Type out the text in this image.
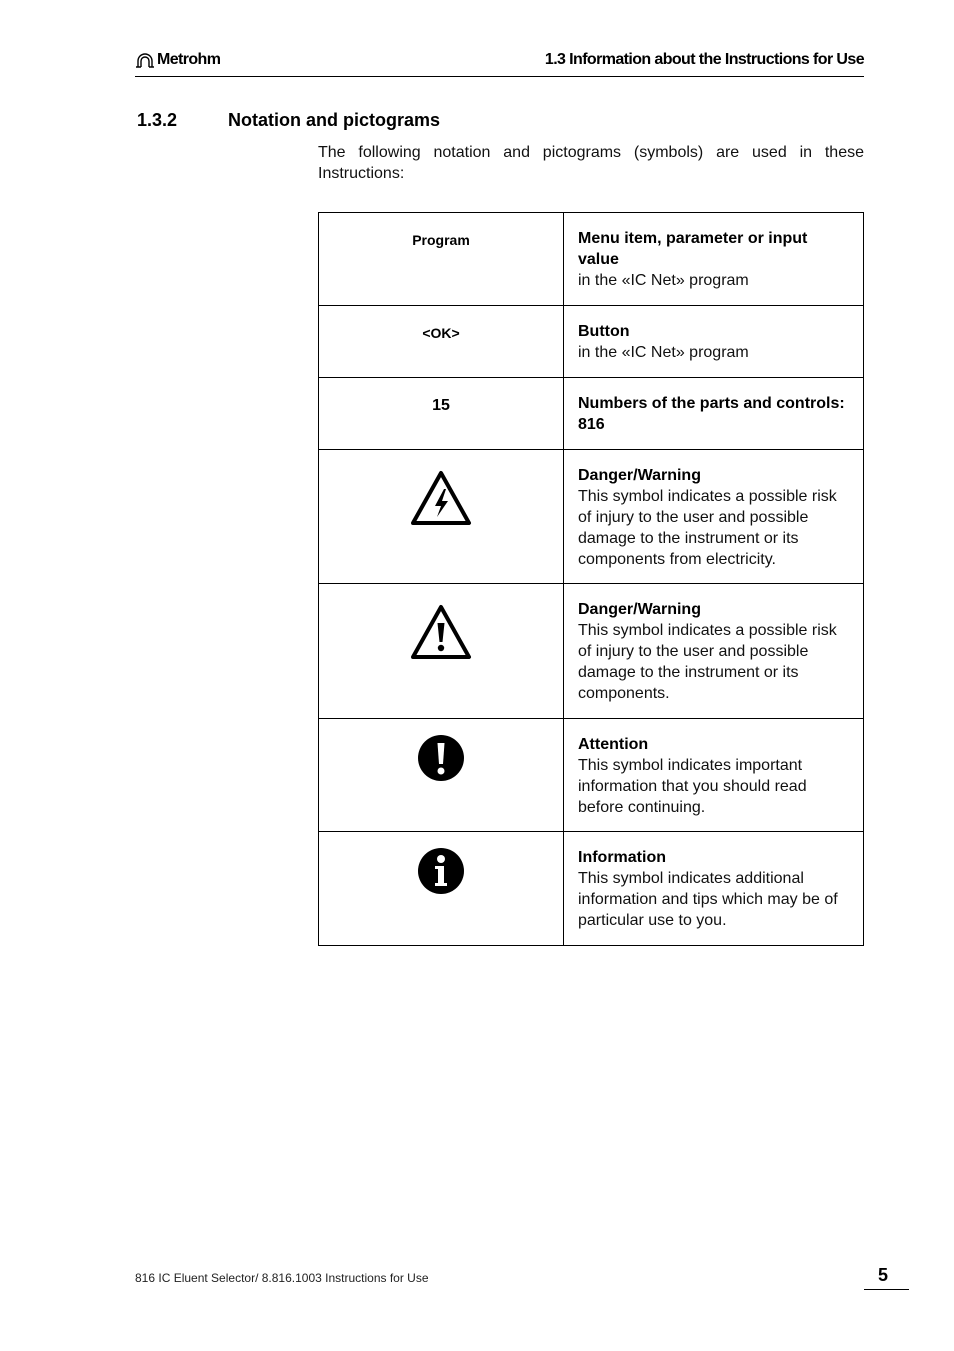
Metrohm	1.3 Information about the Instructions for Use
1.3.2	Notation and pictograms
The following notation and pictograms (symbols) are used in these Instructions:
Program	Menu item, parameter or input value
in the «IC Net» program

<OK>	Button
in the «IC Net» program

15	Numbers of the parts and controls: 816

Danger/Warning
This symbol indicates a possible risk of injury to the user and possible damage to the instrument or its components from electricity.

Danger/Warning
This symbol indicates a possible risk of injury to the user and possible damage to the instrument or its components.

Attention
This symbol indicates important information that you should read before continuing.

Information
This symbol indicates additional information and tips which may be of particular use to you.
816 IC Eluent Selector/ 8.816.1003 Instructions for Use	5
